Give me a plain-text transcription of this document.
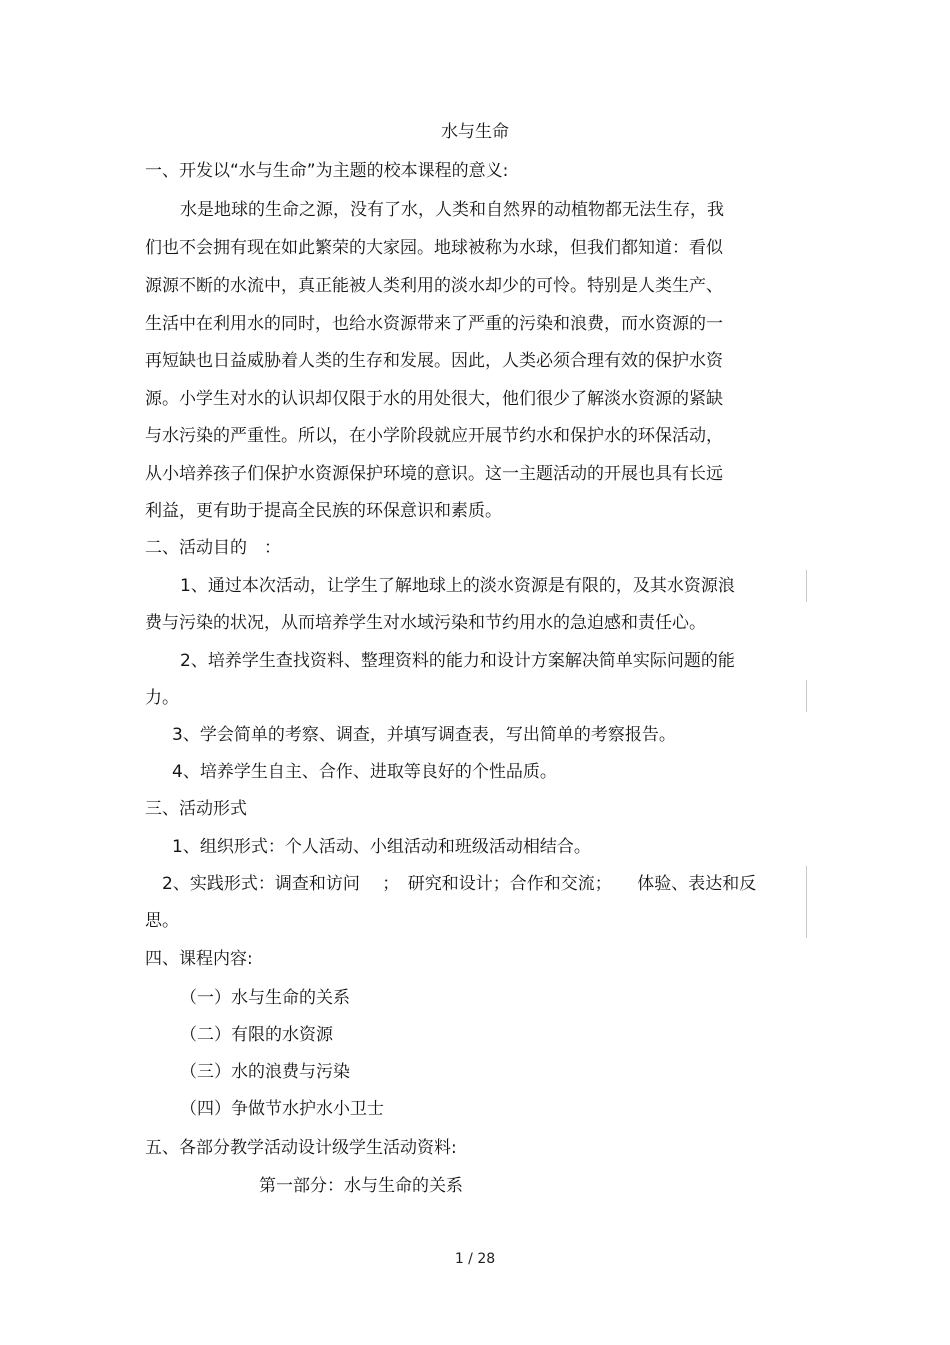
水与生命
一、开发以“水与生命”为主题的校本课程的意义:
水是地球的生命之源，没有了水，人类和自然界的动植物都无法生存，我
们也不会拥有现在如此繁荣的大家园。地球被称为水球，但我们都知道：看似
源源不断的水流中，真正能被人类利用的淡水却少的可怜。特别是人类生产、
生活中在利用水的同时，也给水资源带来了严重的污染和浪费，而水资源的一
再短缺也日益威胁着人类的生存和发展。因此，人类必须合理有效的保护水资
源。小学生对水的认识却仅限于水的用处很大，他们很少了解淡水资源的紧缺
与水污染的严重性。所以，在小学阶段就应开展节约水和保护水的环保活动，
从小培养孩子们保护水资源保护环境的意识。这一主题活动的开展也具有长远
利益，更有助于提高全民族的环保意识和素质。
二、活动目的　：
1、通过本次活动，让学生了解地球上的淡水资源是有限的，及其水资源浪
费与污染的状况，从而培养学生对水域污染和节约用水的急迫感和责任心。
2、培养学生查找资料、整理资料的能力和设计方案解决简单实际问题的能
力。
3、学会简单的考察、调查，并填写调查表，写出简单的考察报告。
4、培养学生自主、合作、进取等良好的个性品质。
三、活动形式
1、组织形式：个人活动、小组活动和班级活动相结合。
2、实践形式：调查和访问　 ；　研究和设计；合作和交流；　　体验、表达和反
思。
四、课程内容:
（一）水与生命的关系
（二）有限的水资源
（三）水的浪费与污染
（四）争做节水护水小卫士
五、各部分教学活动设计级学生活动资料:
第一部分：水与生命的关系
1 / 28
